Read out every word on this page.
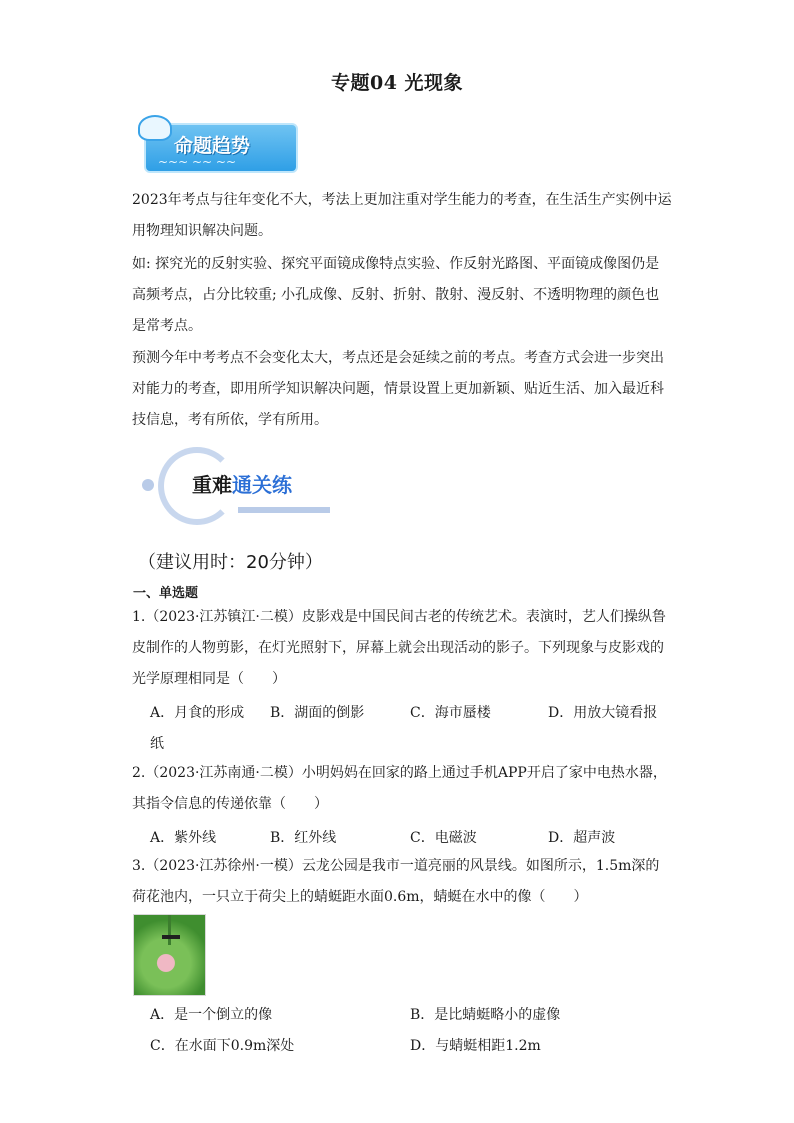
专题04 光现象
命题趋势
~~~ ~~ ~~
2023年考点与往年变化不大，考法上更加注重对学生能力的考查，在生活生产实例中运用物理知识解决问题。
如: 探究光的反射实验、探究平面镜成像特点实验、作反射光路图、平面镜成像图仍是高频考点，占分比较重; 小孔成像、反射、折射、散射、漫反射、不透明物理的颜色也是常考点。
预测今年中考考点不会变化太大，考点还是会延续之前的考点。考查方式会进一步突出对能力的考查，即用所学知识解决问题，情景设置上更加新颖、贴近生活、加入最近科技信息，考有所依，学有所用。
重难通关练
（建议用时：20分钟）
一、单选题
1.（2023·江苏镇江·二模）皮影戏是中国民间古老的传统艺术。表演时，艺人们操纵鲁皮制作的人物剪影，在灯光照射下，屏幕上就会出现活动的影子。下列现象与皮影戏的光学原理相同是（　　）
A．月食的形成 B．湖面的倒影	C．海市蜃楼	D．用放大镜看报
纸
2.（2023·江苏南通·二模）小明妈妈在回家的路上通过手机APP开启了家中电热水器，其指令信息的传递依靠（　　）
A．紫外线	B．红外线	C．电磁波	D．超声波
3.（2023·江苏徐州·一模）云龙公园是我市一道亮丽的风景线。如图所示，1.5m深的荷花池内，一只立于荷尖上的蜻蜓距水面0.6m，蜻蜓在水中的像（　　）
A．是一个倒立的像	B．是比蜻蜓略小的虚像
C．在水面下0.9m深处	D．与蜻蜓相距1.2m
